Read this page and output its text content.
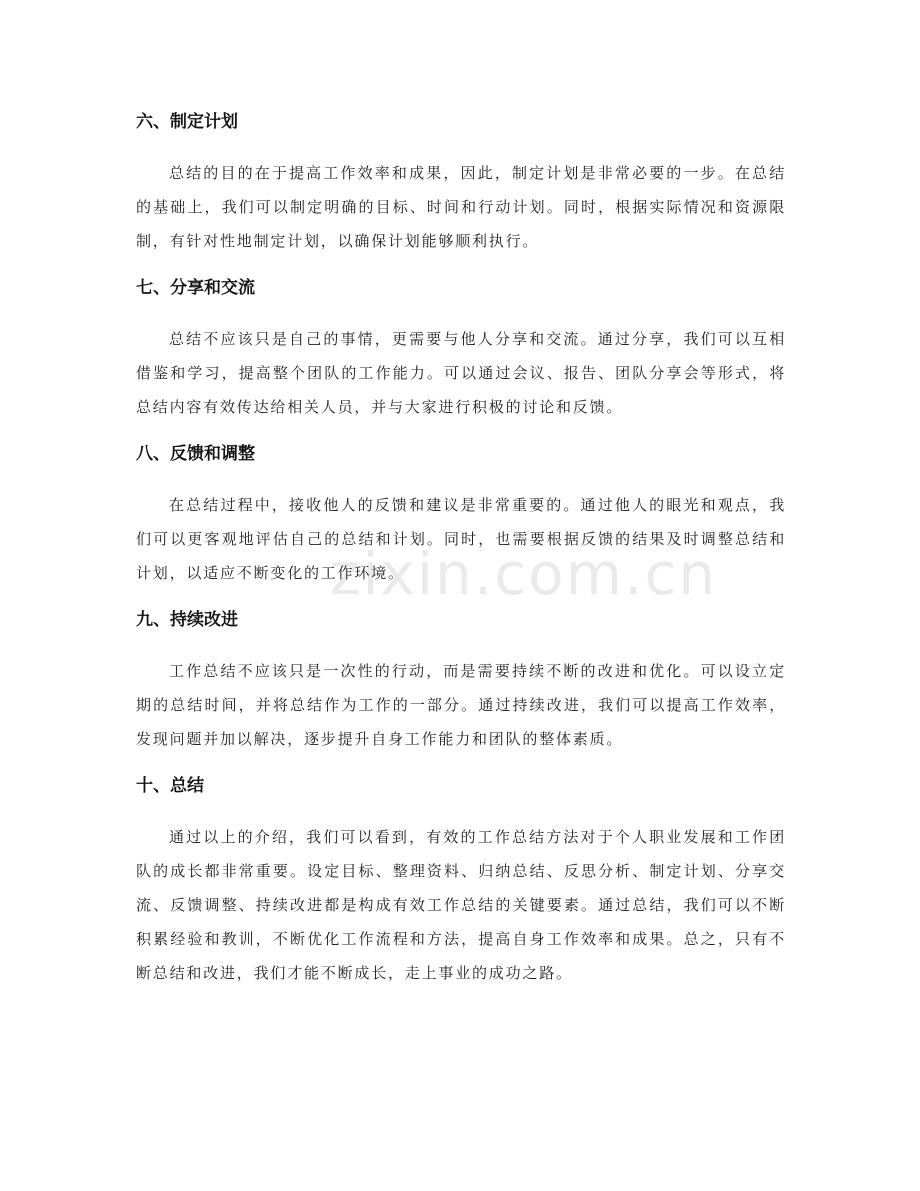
zixin.com.cn
六、制定计划

总结的目的在于提高工作效率和成果，因此，制定计划是非常必要的一步。在总结的基础上，我们可以制定明确的目标、时间和行动计划。同时，根据实际情况和资源限制，有针对性地制定计划，以确保计划能够顺利执行。

七、分享和交流

总结不应该只是自己的事情，更需要与他人分享和交流。通过分享，我们可以互相借鉴和学习，提高整个团队的工作能力。可以通过会议、报告、团队分享会等形式，将总结内容有效传达给相关人员，并与大家进行积极的讨论和反馈。

八、反馈和调整

在总结过程中，接收他人的反馈和建议是非常重要的。通过他人的眼光和观点，我们可以更客观地评估自己的总结和计划。同时，也需要根据反馈的结果及时调整总结和计划，以适应不断变化的工作环境。

九、持续改进

工作总结不应该只是一次性的行动，而是需要持续不断的改进和优化。可以设立定期的总结时间，并将总结作为工作的一部分。通过持续改进，我们可以提高工作效率，发现问题并加以解决，逐步提升自身工作能力和团队的整体素质。

十、总结

通过以上的介绍，我们可以看到，有效的工作总结方法对于个人职业发展和工作团队的成长都非常重要。设定目标、整理资料、归纳总结、反思分析、制定计划、分享交流、反馈调整、持续改进都是构成有效工作总结的关键要素。通过总结，我们可以不断积累经验和教训，不断优化工作流程和方法，提高自身工作效率和成果。总之，只有不断总结和改进，我们才能不断成长，走上事业的成功之路。
